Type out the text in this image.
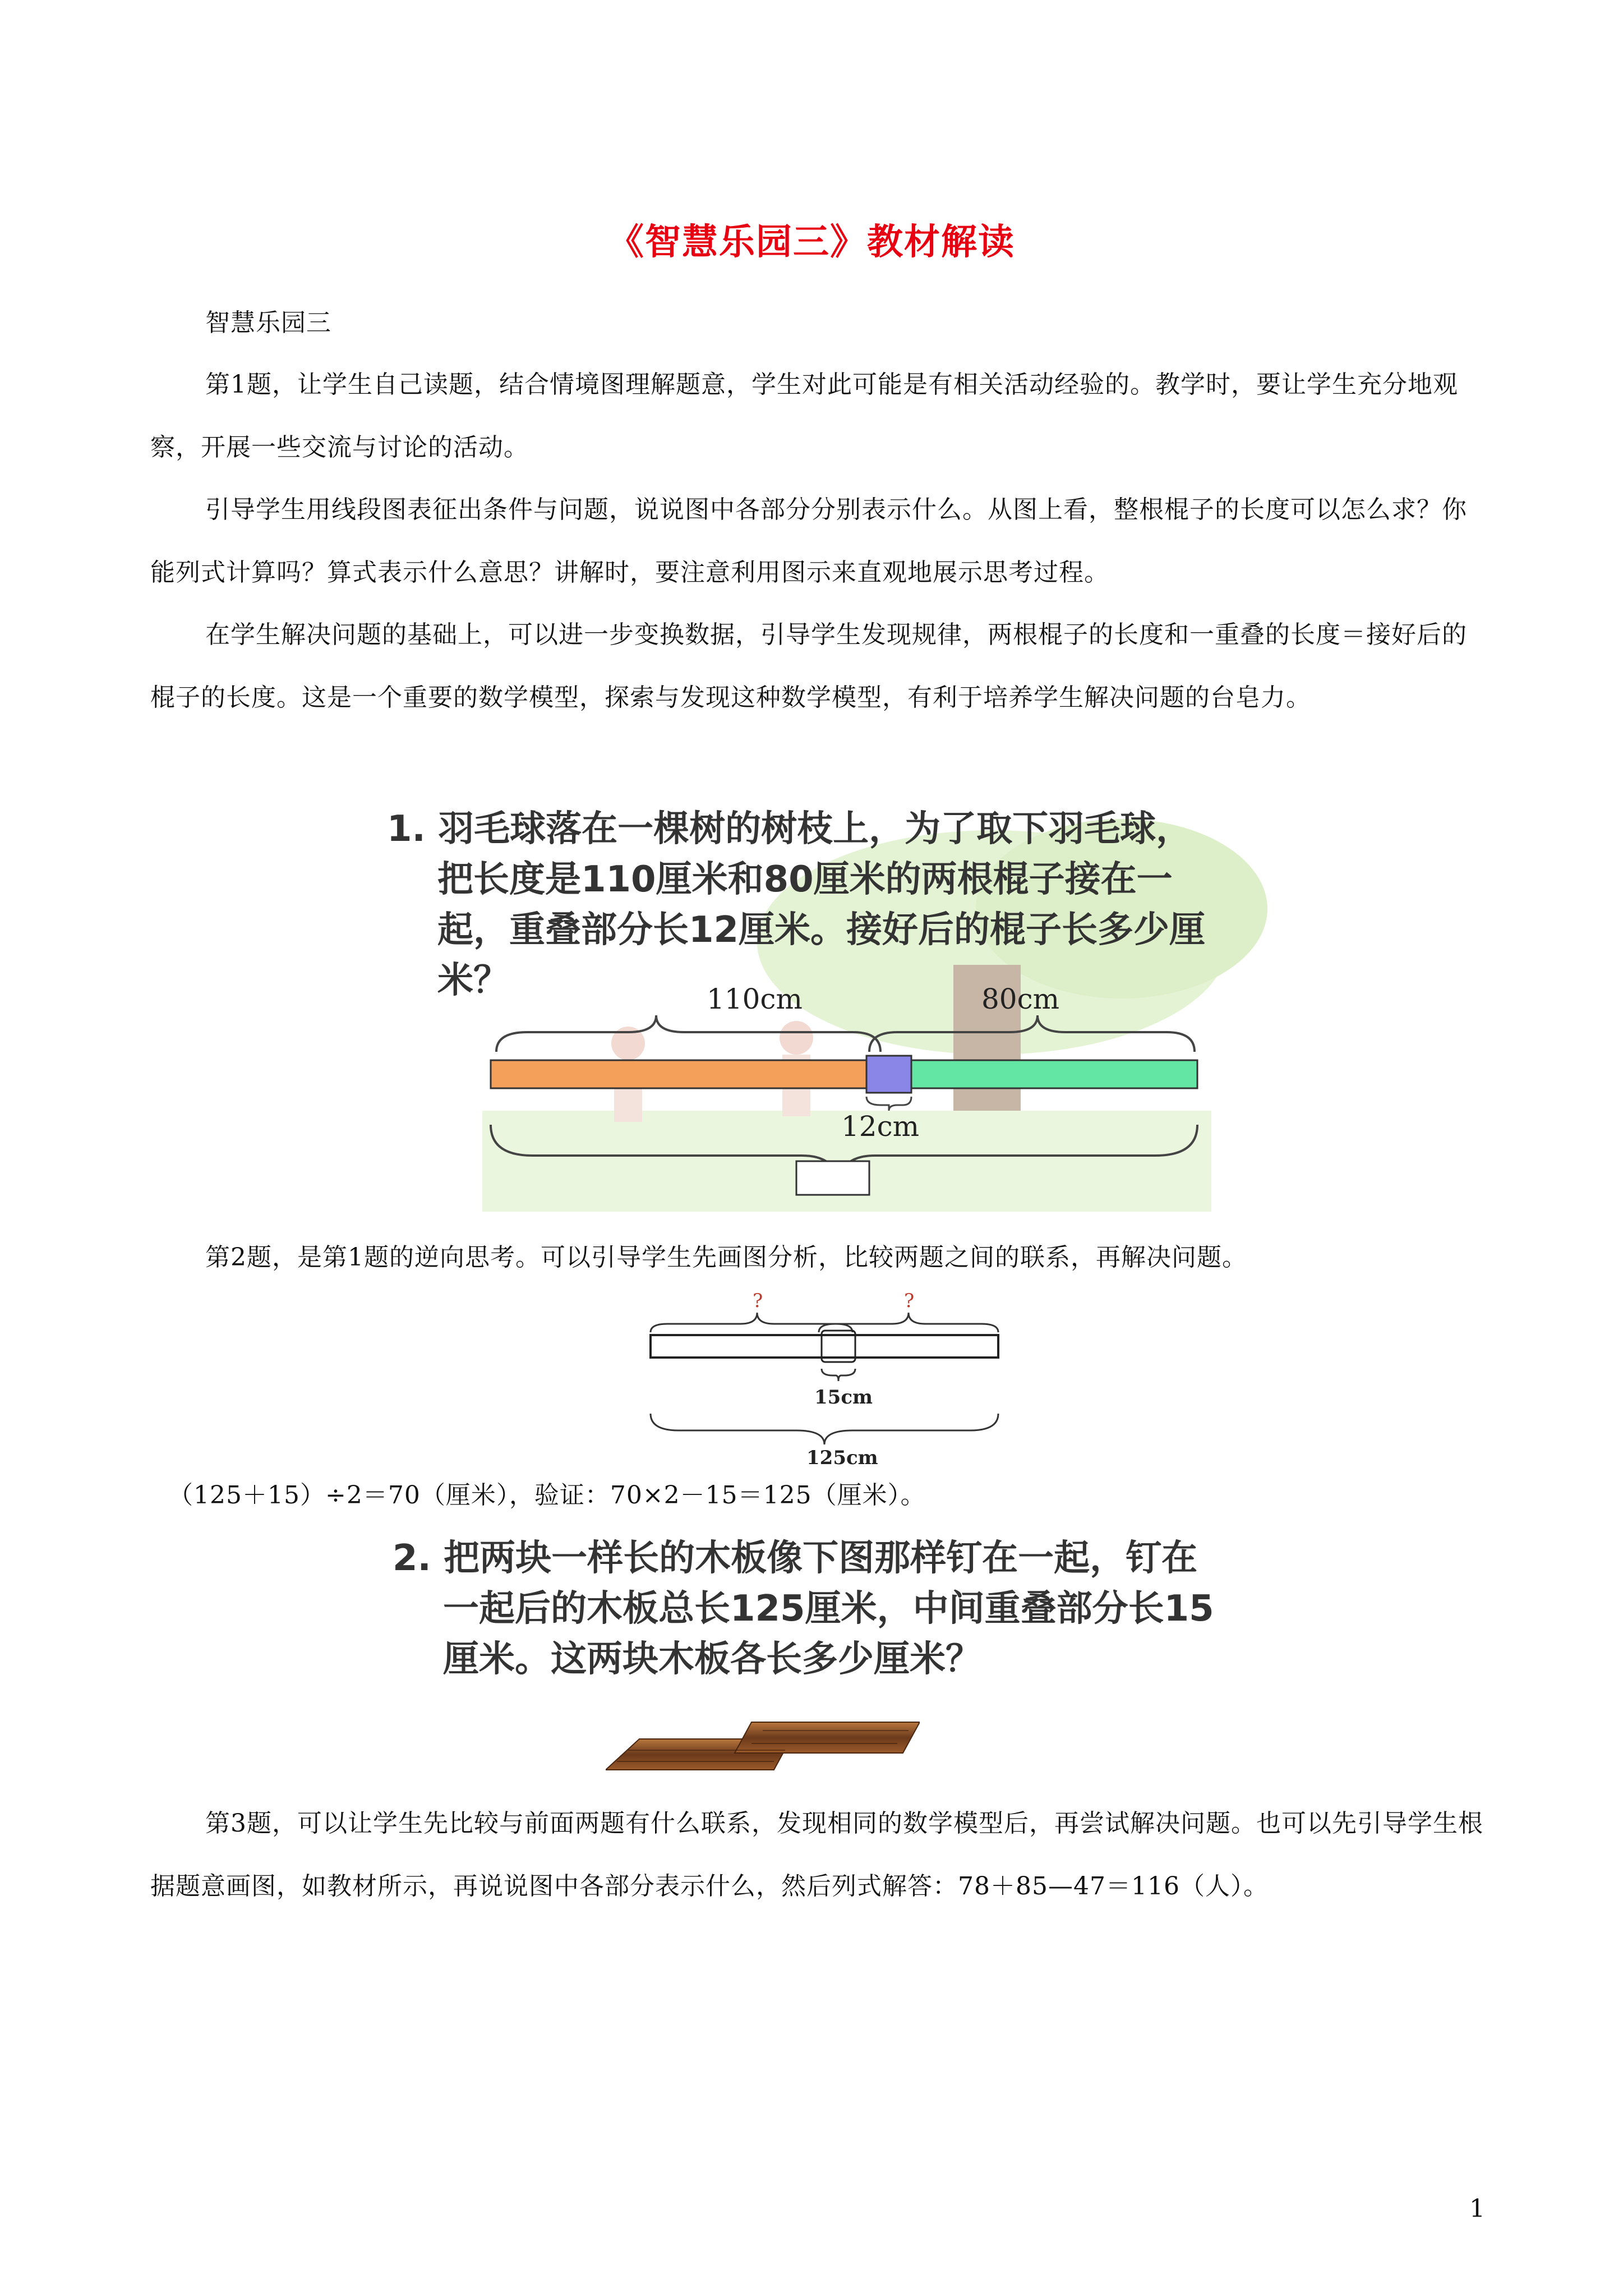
《智慧乐园三》教材解读

智慧乐园三

第1题，让学生自己读题，结合情境图理解题意，学生对此可能是有相关活动经验的。教学时，要让学生充分地观察，开展一些交流与讨论的活动。

引导学生用线段图表征出条件与问题，说说图中各部分分别表示什么。从图上看，整根棍子的长度可以怎么求？你能列式计算吗？算式表示什么意思？讲解时，要注意利用图示来直观地展示思考过程。

在学生解决问题的基础上，可以进一步变换数据，引导学生发现规律，两根棍子的长度和一重叠的长度＝接好后的棍子的长度。这是一个重要的数学模型，探索与发现这种数学模型，有利于培养学生解决问题的台皂力。

110cm	80cm
12cm
1. 羽毛球落在一棵树的树枝上，为了取下羽毛球，
把长度是110厘米和80厘米的两根棍子接在一
起，重叠部分长12厘米。接好后的棍子长多少厘
米？

第2题，是第1题的逆向思考。可以引导学生先画图分析，比较两题之间的联系，再解决问题。

?	?
15cm
125cm

（125＋15）÷2＝70（厘米），验证：70×2－15＝125（厘米）。

2. 把两块一样长的木板像下图那样钉在一起，钉在
一起后的木板总长125厘米，中间重叠部分长15
厘米。这两块木板各长多少厘米？

第3题，可以让学生先比较与前面两题有什么联系，发现相同的数学模型后，再尝试解决问题。也可以先引导学生根据题意画图，如教材所示，再说说图中各部分表示什么，然后列式解答：78＋85—47＝116（人）。

1
